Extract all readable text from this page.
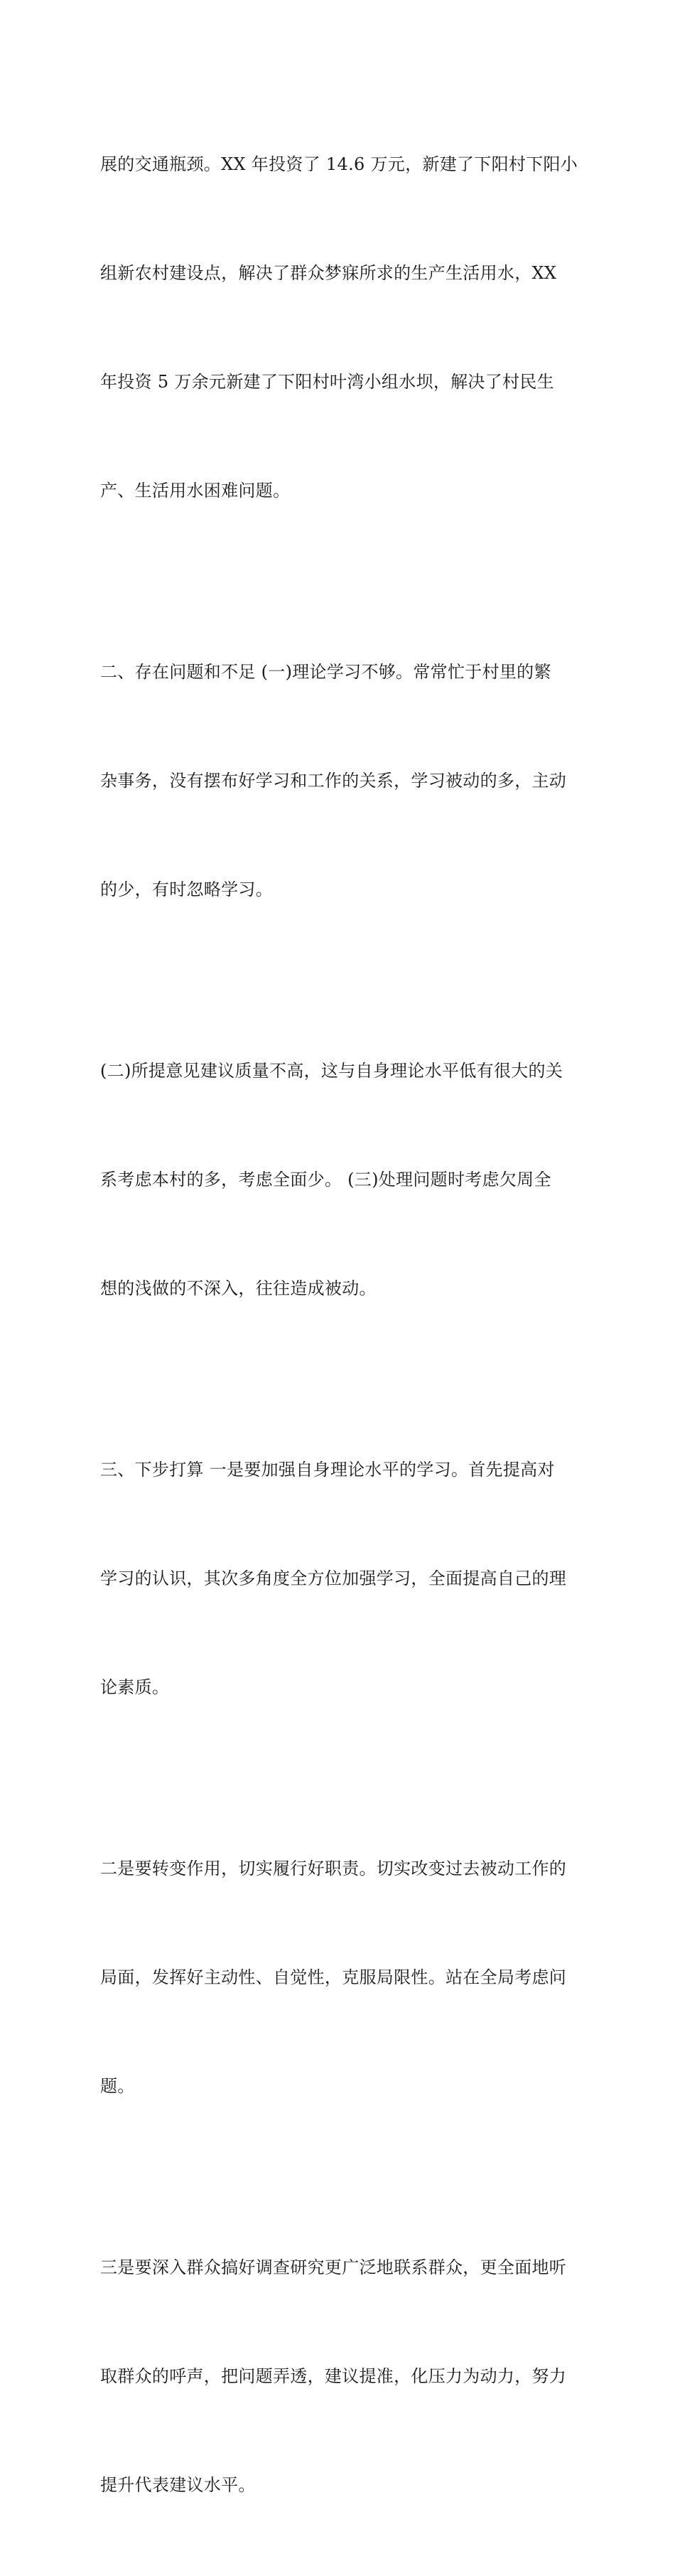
展的交通瓶颈。XX 年投资了 14.6 万元，新建了下阳村下阳小

组新农村建设点，解决了群众梦寐所求的生产生活用水，XX

年投资 5 万余元新建了下阳村叶湾小组水坝，解决了村民生

产、生活用水困难问题。

二、存在问题和不足 (一)理论学习不够。常常忙于村里的繁

杂事务，没有摆布好学习和工作的关系，学习被动的多，主动

的少，有时忽略学习。

(二)所提意见建议质量不高，这与自身理论水平低有很大的关

系考虑本村的多，考虑全面少。 (三)处理问题时考虑欠周全

想的浅做的不深入，往往造成被动。

三、下步打算 一是要加强自身理论水平的学习。首先提高对

学习的认识，其次多角度全方位加强学习，全面提高自己的理

论素质。

二是要转变作用，切实履行好职责。切实改变过去被动工作的

局面，发挥好主动性、自觉性，克服局限性。站在全局考虑问

题。

三是要深入群众搞好调查研究更广泛地联系群众，更全面地听

取群众的呼声，把问题弄透，建议提准，化压力为动力，努力

提升代表建议水平。
